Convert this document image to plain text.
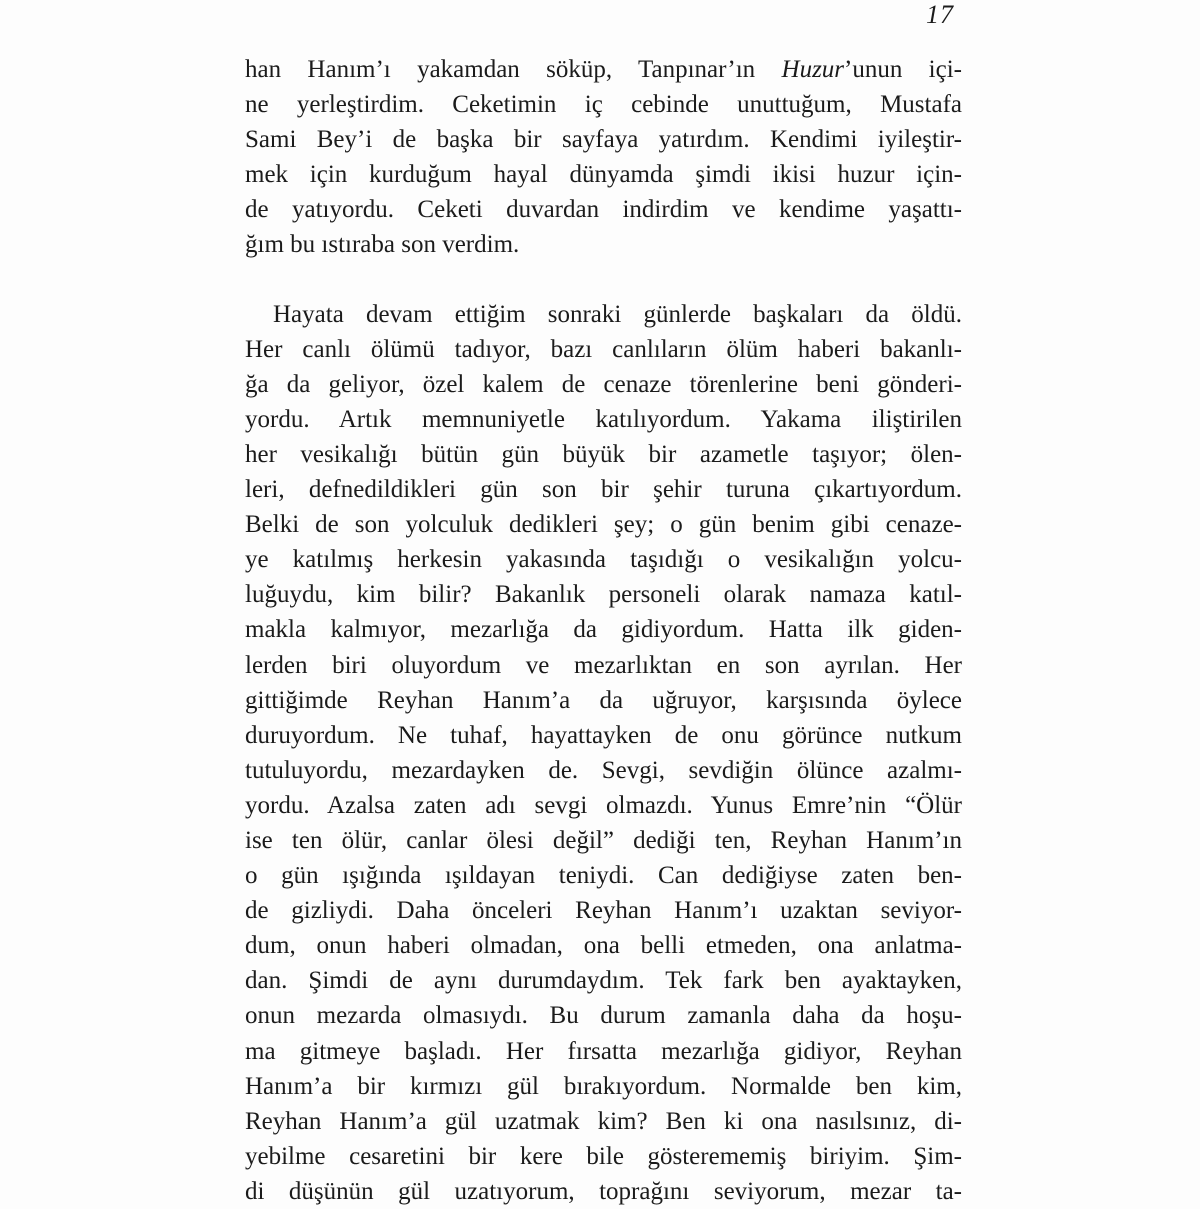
17
han Hanım’ı yakamdan söküp, Tanpınar’ın Huzur’unun içi-
ne yerleştirdim. Ceketimin iç cebinde unuttuğum, Mustafa
Sami Bey’i de başka bir sayfaya yatırdım. Kendimi iyileştir-
mek için kurduğum hayal dünyamda şimdi ikisi huzur için-
de yatıyordu. Ceketi duvardan indirdim ve kendime yaşattı-
ğım bu ıstıraba son verdim.
Hayata devam ettiğim sonraki günlerde başkaları da öldü.
Her canlı ölümü tadıyor, bazı canlıların ölüm haberi bakanlı-
ğa da geliyor, özel kalem de cenaze törenlerine beni gönderi-
yordu. Artık memnuniyetle katılıyordum. Yakama iliştirilen
her vesikalığı bütün gün büyük bir azametle taşıyor; ölen-
leri, defnedildikleri gün son bir şehir turuna çıkartıyordum.
Belki de son yolculuk dedikleri şey; o gün benim gibi cenaze-
ye katılmış herkesin yakasında taşıdığı o vesikalığın yolcu-
luğuydu, kim bilir? Bakanlık personeli olarak namaza katıl-
makla kalmıyor, mezarlığa da gidiyordum. Hatta ilk giden-
lerden biri oluyordum ve mezarlıktan en son ayrılan. Her
gittiğimde Reyhan Hanım’a da uğruyor, karşısında öylece
duruyordum. Ne tuhaf, hayattayken de onu görünce nutkum
tutuluyordu, mezardayken de. Sevgi, sevdiğin ölünce azalmı-
yordu. Azalsa zaten adı sevgi olmazdı. Yunus Emre’nin “Ölür
ise ten ölür, canlar ölesi değil” dediği ten, Reyhan Hanım’ın
o gün ışığında ışıldayan teniydi. Can dediğiyse zaten ben-
de gizliydi. Daha önceleri Reyhan Hanım’ı uzaktan seviyor-
dum, onun haberi olmadan, ona belli etmeden, ona anlatma-
dan. Şimdi de aynı durumdaydım. Tek fark ben ayaktayken,
onun mezarda olmasıydı. Bu durum zamanla daha da hoşu-
ma gitmeye başladı. Her fırsatta mezarlığa gidiyor, Reyhan
Hanım’a bir kırmızı gül bırakıyordum. Normalde ben kim,
Reyhan Hanım’a gül uzatmak kim? Ben ki ona nasılsınız, di-
yebilme cesaretini bir kere bile gösterememiş biriyim. Şim-
di düşünün gül uzatıyorum, toprağını seviyorum, mezar ta-
